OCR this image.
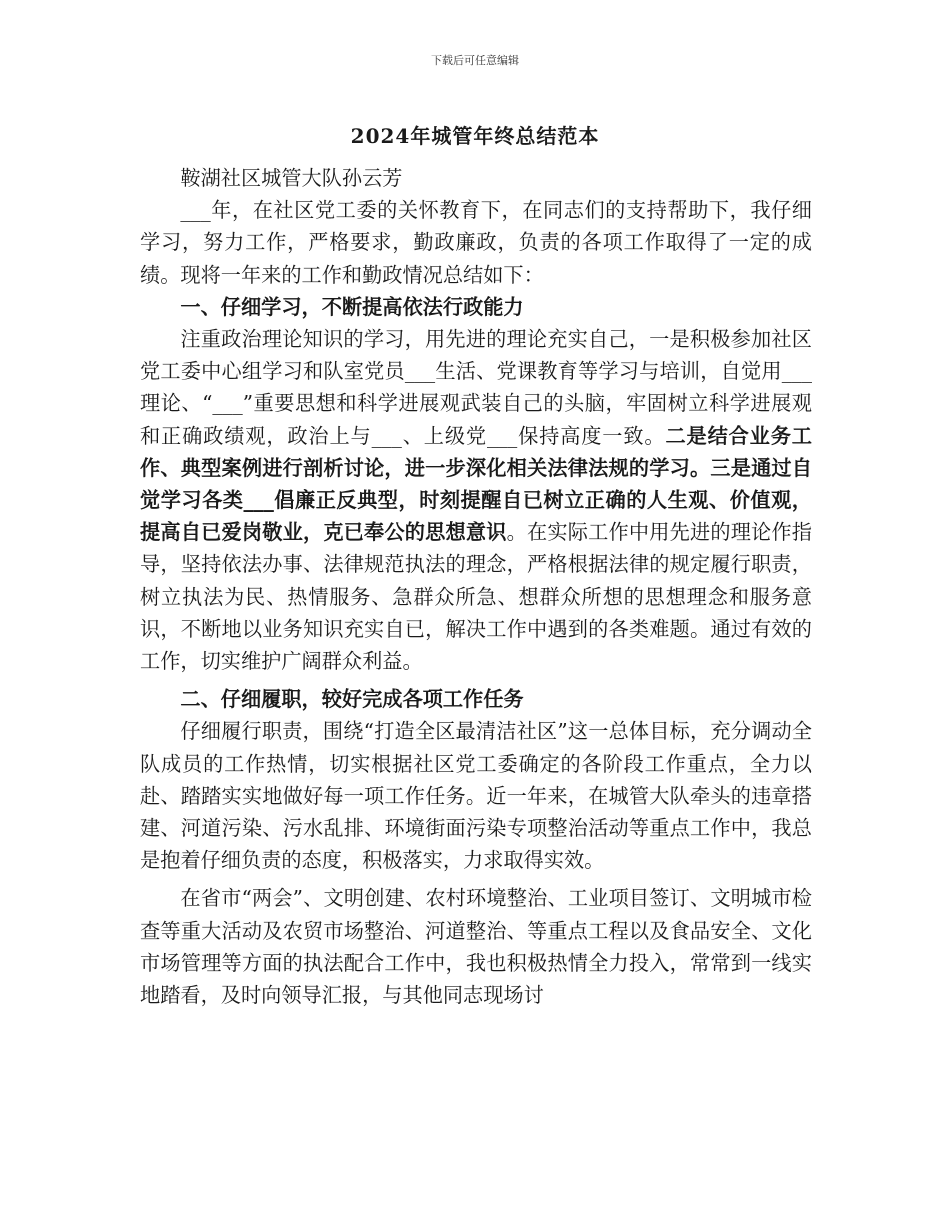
下载后可任意编辑
2024年城管年终总结范本

鞍湖社区城管大队孙云芳

___年，在社区党工委的关怀教育下，在同志们的支持帮助下，我仔细学习，努力工作，严格要求，勤政廉政，负责的各项工作取得了一定的成绩。现将一年来的工作和勤政情况总结如下：

一、仔细学习，不断提高依法行政能力

注重政治理论知识的学习，用先进的理论充实自己，一是积极参加社区党工委中心组学习和队室党员___生活、党课教育等学习与培训，自觉用___理论、“___”重要思想和科学进展观武装自己的头脑，牢固树立科学进展观和正确政绩观，政治上与___、上级党___保持高度一致。二是结合业务工作、典型案例进行剖析讨论，进一步深化相关法律法规的学习。三是通过自觉学习各类___倡廉正反典型，时刻提醒自已树立正确的人生观、价值观，提高自已爱岗敬业，克已奉公的思想意识。在实际工作中用先进的理论作指导，坚持依法办事、法律规范执法的理念，严格根据法律的规定履行职责，树立执法为民、热情服务、急群众所急、想群众所想的思想理念和服务意识，不断地以业务知识充实自已，解决工作中遇到的各类难题。通过有效的工作，切实维护广阔群众利益。

二、仔细履职，较好完成各项工作任务

仔细履行职责，围绕“打造全区最清洁社区”这一总体目标，充分调动全队成员的工作热情，切实根据社区党工委确定的各阶段工作重点，全力以赴、踏踏实实地做好每一项工作任务。近一年来，在城管大队牵头的违章搭建、河道污染、污水乱排、环境街面污染专项整治活动等重点工作中，我总是抱着仔细负责的态度，积极落实，力求取得实效。

在省市“两会”、文明创建、农村环境整治、工业项目签订、文明城市检查等重大活动及农贸市场整治、河道整治、等重点工程以及食品安全、文化市场管理等方面的执法配合工作中，我也积极热情全力投入，常常到一线实地踏看，及时向领导汇报，与其他同志现场讨
